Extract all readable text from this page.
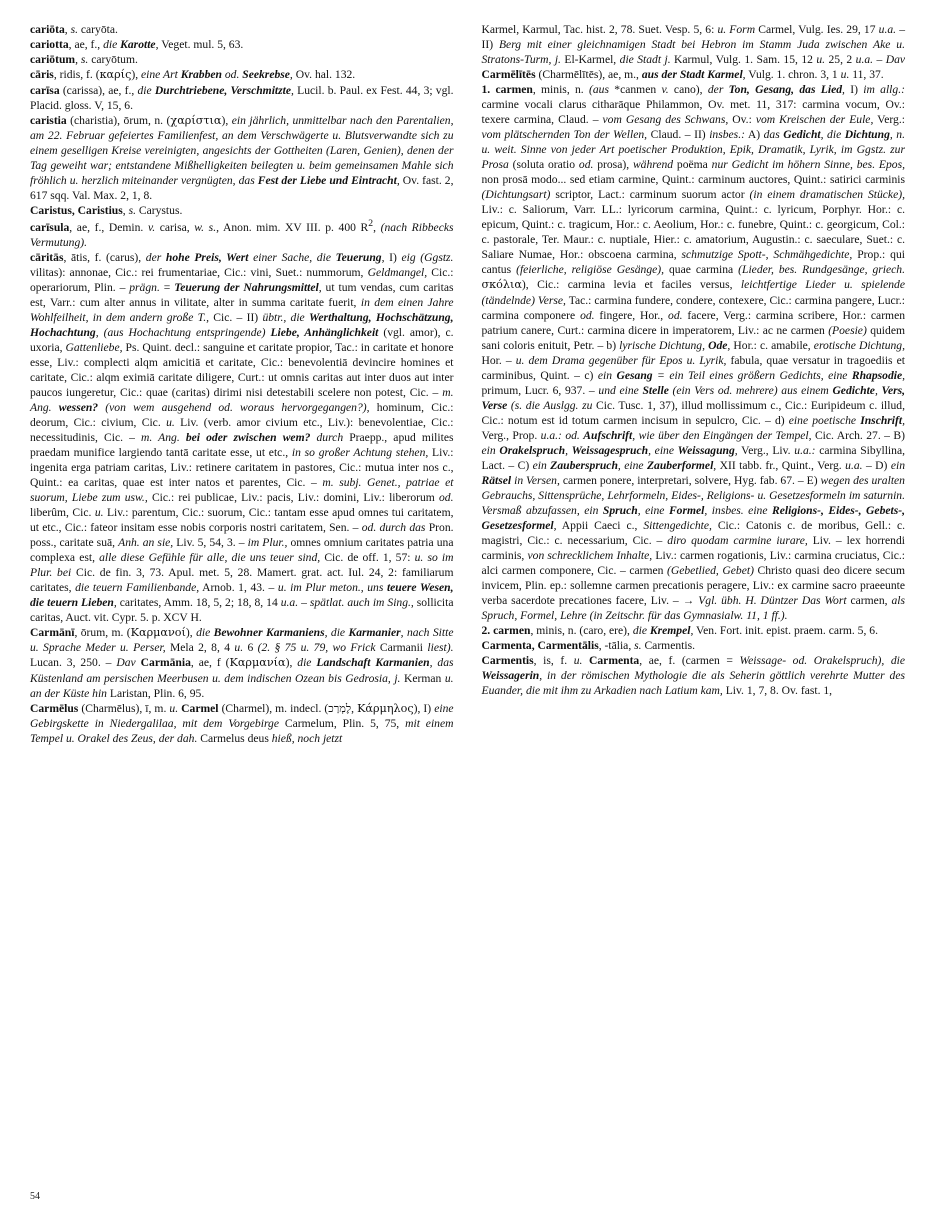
cariōta, s. caryōta.

cariotta, ae, f., die Karotte, Veget. mul. 5, 63.

cariōtum, s. caryōtum.

cāris, ridis, f. (καρίς), eine Art Krabben od. Seekrebse, Ov. hal. 132.

carīsa (carissa), ae, f., die Durchtriebene, Verschmitzte, Lucil. b. Paul. ex Fest. 44, 3; vgl. Placid. gloss. V, 15, 6.

caristia (charistia), ōrum, n. (χαρίστια), ein jährlich, unmittelbar nach den Parentalien, am 22. Februar gefeiertes Familienfest, an dem Verschwägerte u. Blutsverwandte sich zu einem geselligen Kreise vereinigten, angesichts der Gottheiten (Laren, Genien), denen der Tag geweiht war; entstandene Mißhelligkeiten beilegten u. beim gemeinsamen Mahle sich fröhlich u. herzlich miteinander vergnügten, das Fest der Liebe und Eintracht, Ov. fast. 2, 617 sqq. Val. Max. 2, 1, 8.

Caristus, Caristius, s. Carystus.

carīsula, ae, f., Demin. v. carisa, w. s., Anon. mim. XV III. p. 400 $R^2$, (nach Ribbecks Vermutung).

cāritās, ātis, f. (carus), der hohe Preis, Wert einer Sache, die Teuerung, I) eig (Ggstz. vilitas): annonae, Cic.: rei frumentariae, Cic.: vini, Suet.: nummorum, Geldmangel, Cic.: operariorum, Plin. – prägn. = Teuerung der Nahrungsmittel, ut tum vendas, cum caritas est, Varr.: cum alter annus in vilitate, alter in summa caritate fuerit, in dem einen Jahre Wohlfeilheit, in dem andern große T., Cic. – II) übtr., die Werthaltung, Hochschätzung, Hochachtung, (aus Hochachtung entspringende) Liebe, Anhänglichkeit (vgl. amor), c. uxoria, Gattenliebe, Ps. Quint. decl.: sanguine et caritate propior, Tac.: in caritate et honore esse, Liv.: complecti alqm amicitiā et caritate, Cic.: benevolentiā devincire homines et caritate, Cic.: alqm eximiā caritate diligere, Curt.: ut omnis caritas aut inter duos aut inter paucos iungeretur, Cic.: quae (caritas) dirimi nisi detestabili scelere non potest, Cic. – m. Ang. wessen? (von wem ausgehend od. woraus hervorgegangen?), hominum, Cic.: deorum, Cic.: civium, Cic. u. Liv. (verb. amor civium etc., Liv.): benevolentiae, Cic.: necessitudinis, Cic. – m. Ang. bei oder zwischen wem? durch Praepp., apud milites praedam munifice largiendo tantā caritate esse, ut etc., in so großer Achtung stehen, Liv.: ingenita erga patriam caritas, Liv.: retinere caritatem in pastores, Cic.: mutua inter nos c., Quint.: ea caritas, quae est inter natos et parentes, Cic. – m. subj. Genet., patriae et suorum, Liebe zum usw., Cic.: rei publicae, Liv.: pacis, Liv.: domini, Liv.: liberorum od. liberûm, Cic. u. Liv.: parentum, Cic.: suorum, Cic.: tantam esse apud omnes tui caritatem, ut etc., Cic.: fateor insitam esse nobis corporis nostri caritatem, Sen. – od. durch das Pron. poss., caritate suā, Anh. an sie, Liv. 5, 54, 3. – im Plur., omnes omnium caritates patria una complexa est, alle diese Gefühle für alle, die uns teuer sind, Cic. de off. 1, 57: u. so im Plur. bei Cic. de fin. 3, 73. Apul. met. 5, 28. Mamert. grat. act. Iul. 24, 2: familiarum caritates, die teuern Familienbande, Arnob. 1, 43. – u. im Plur meton., uns teuere Wesen, die teuern Lieben, caritates, Amm. 18, 5, 2; 18, 8, 14 u.a. – spätlat. auch im Sing., sollicita caritas, Auct. vit. Cypr. 5. p. XCV H.

Carmānī, ōrum, m. (Καρμανοί), die Bewohner Karmaniens, die Karmanier, nach Sitte u. Sprache Meder u. Perser, Mela 2, 8, 4 u. 6 (2. § 75 u. 79, wo Frick Carmanii liest). Lucan. 3, 250. – Dav Carmānia, ae, f (Καρμανία), die Landschaft Karmanien, das Küstenland am persischen Meerbusen u. dem indischen Ozean bis Gedrosia, j. Kerman u. an der Küste hin Laristan, Plin. 6, 95.

Carmēlus (Charmēlus), ī, m. u. Carmel (Charmel), m. indecl. (לֶמְרַכ, Κάρμηλος), I) eine Gebirgskette in Niedergalilaa, mit dem Vorgebirge Carmelum, Plin. 5, 75, mit einem Tempel u. Orakel des Zeus, der dah. Carmelus deus hieß, noch jetzt

Karmel, Karmul, Tac. hist. 2, 78. Suet. Vesp. 5, 6: u. Form Carmel, Vulg. Ies. 29, 17 u.a. – II) Berg mit einer gleichnamigen Stadt bei Hebron im Stamm Juda zwischen Ake u. Stratons-Turm, j. El-Karmel, die Stadt j. Karmul, Vulg. 1. Sam. 15, 12 u. 25, 2 u.a. – Dav Carmēlītēs (Charmēlītēs), ae, m., aus der Stadt Karmel, Vulg. 1. chron. 3, 1 u. 11, 37.

1. carmen, minis, n. (aus *canmen v. cano), der Ton, Gesang, das Lied, I) im allg.: carmine vocali clarus citharāque Philammon, Ov. met. 11, 317: carmina vocum, Ov.: texere carmina, Claud. – vom Gesang des Schwans, Ov.: vom Kreischen der Eule, Verg.: vom plätschernden Ton der Wellen, Claud. – II) insbes.: A) das Gedicht, die Dichtung, n. u. weit. Sinne von jeder Art poetischer Produktion, Epik, Dramatik, Lyrik, im Ggstz. zur Prosa (soluta oratio od. prosa), während poëma nur Gedicht im höhern Sinne, bes. Epos, non prosā modo... sed etiam carmine, Quint.: carminum auctores, Quint.: satirici carminis (Dichtungsart) scriptor, Lact.: carminum suorum actor (in einem dramatischen Stücke), Liv.: c. Saliorum, Varr. LL.: lyricorum carmina, Quint.: c. lyricum, Porphyr. Hor.: c. epicum, Quint.: c. tragicum, Hor.: c. Aeolium, Hor.: c. funebre, Quint.: c. georgicum, Col.: c. pastorale, Ter. Maur.: c. nuptiale, Hier.: c. amatorium, Augustin.: c. saeculare, Suet.: c. Saliare Numae, Hor.: obscoena carmina, schmutzige Spott-, Schmähgedichte, Prop.: qui cantus (feierliche, religiöse Gesänge), quae carmina (Lieder, bes. Rundgesänge, griech. σκόλια), Cic.: carmina levia et faciles versus, leichtfertige Lieder u. spielende (tändelnde) Verse, Tac.: carmina fundere, condere, contexere, Cic.: carmina pangere, Lucr.: carmina componere od. fingere, Hor., od. facere, Verg.: carmina scribere, Hor.: carmen patrium canere, Curt.: carmina dicere in imperatorem, Liv.: ac ne carmen (Poesie) quidem sani coloris enituit, Petr. – b) lyrische Dichtung, Ode, Hor.: c. amabile, erotische Dichtung, Hor. – u. dem Drama gegenüber für Epos u. Lyrik, fabula, quae versatur in tragoediis et carminibus, Quint. – c) ein Gesang = ein Teil eines größern Gedichts, eine Rhapsodie, primum, Lucr. 6, 937. – und eine Stelle (ein Vers od. mehrere) aus einem Gedichte, Vers, Verse (s. die Auslgg. zu Cic. Tusc. 1, 37), illud mollissimum c., Cic.: Euripideum c. illud, Cic.: notum est id totum carmen incisum in sepulcro, Cic. – d) eine poetische Inschrift, Verg., Prop. u.a.: od. Aufschrift, wie über den Eingängen der Tempel, Cic. Arch. 27. – B) ein Orakelspruch, Weissagespruch, eine Weissagung, Verg., Liv. u.a.: carmina Sibyllina, Lact. – C) ein Zauberspruch, eine Zauberformel, XII tabb. fr., Quint., Verg. u.a. – D) ein Rätsel in Versen, carmen ponere, interpretari, solvere, Hyg. fab. 67. – E) wegen des uralten Gebrauchs, Sittensprüche, Lehrformeln, Eides-, Religions- u. Gesetzesformeln im saturnin. Versmaß abzufassen, ein Spruch, eine Formel, insbes. eine Religions-, Eides-, Gebets-, Gesetzesformel, Appii Caeci c., Sittengedichte, Cic.: Catonis c. de moribus, Gell.: c. magistri, Cic.: c. necessarium, Cic. – diro quodam carmine iurare, Liv. – lex horrendi carminis, von schrecklichem Inhalte, Liv.: carmen rogationis, Liv.: carmina cruciatus, Cic.: alci carmen componere, Cic. – carmen (Gebetlied, Gebet) Christo quasi deo dicere secum invicem, Plin. ep.: sollemne carmen precationis peragere, Liv.: ex carmine sacro praeeunte verba sacerdote precationes facere, Liv. – → Vgl. übh. H. Düntzer Das Wort carmen, als Spruch, Formel, Lehre (in Zeitschr. für das Gymnasialw. 11, 1 ff.).

2. carmen, minis, n. (caro, ere), die Krempel, Ven. Fort. init. epist. praem. carm. 5, 6.

Carmenta, Carmentālis, -tālia, s. Carmentis.

Carmentis, is, f. u. Carmenta, ae, f. (carmen = Weissage- od. Orakelspruch), die Weissagerin, in der römischen Mythologie die als Seherin göttlich verehrte Mutter des Euander, die mit ihm zu Arkadien nach Latium kam, Liv. 1, 7, 8. Ov. fast. 1,

54
